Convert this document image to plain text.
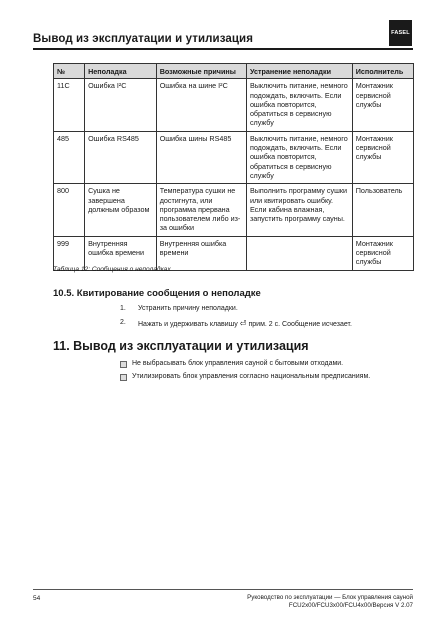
Вывод из эксплуатации и утилизация	FASEL
№	Неполадка	Возможные причины	Устранение неполадки	Исполнитель
11C	Ошибка I²C	Ошибка на шине I²C	Выключить питание, немного подождать, включить. Если ошибка повторится, обратиться в сервисную службу	Монтажник сервисной службы
485	Ошибка RS485	Ошибка шины RS485	Выключить питание, немного подождать, включить. Если ошибка повторится, обратиться в сервисную службу	Монтажник сервисной службы
800	Сушка не завершена должным образом	Температура сушки не достигнута, или программа прервана пользователем либо из-за ошибки	Выполнить программу сушки или квитировать ошибку. Если кабина влажная, запустить программу сауны.	Пользователь
999	Внутренняя ошибка времени	Внутренняя ошибка времени		Монтажник сервисной службы
Таблица 12: Сообщения о неполадках
10.5. Квитирование сообщения о неполадке
1. Устранить причину неполадки.
2. Нажать и удерживать клавишу ⏎ прим. 2 с. Сообщение исчезает.
11. Вывод из эксплуатации и утилизация
Не выбрасывать блок управления сауной с бытовыми отходами.
Утилизировать блок управления согласно национальным предписаниям.
54	Руководство по эксплуатации — Блок управления сауной
FCU2x00/FCU3x00/FCU4x00/Версия V 2.07
